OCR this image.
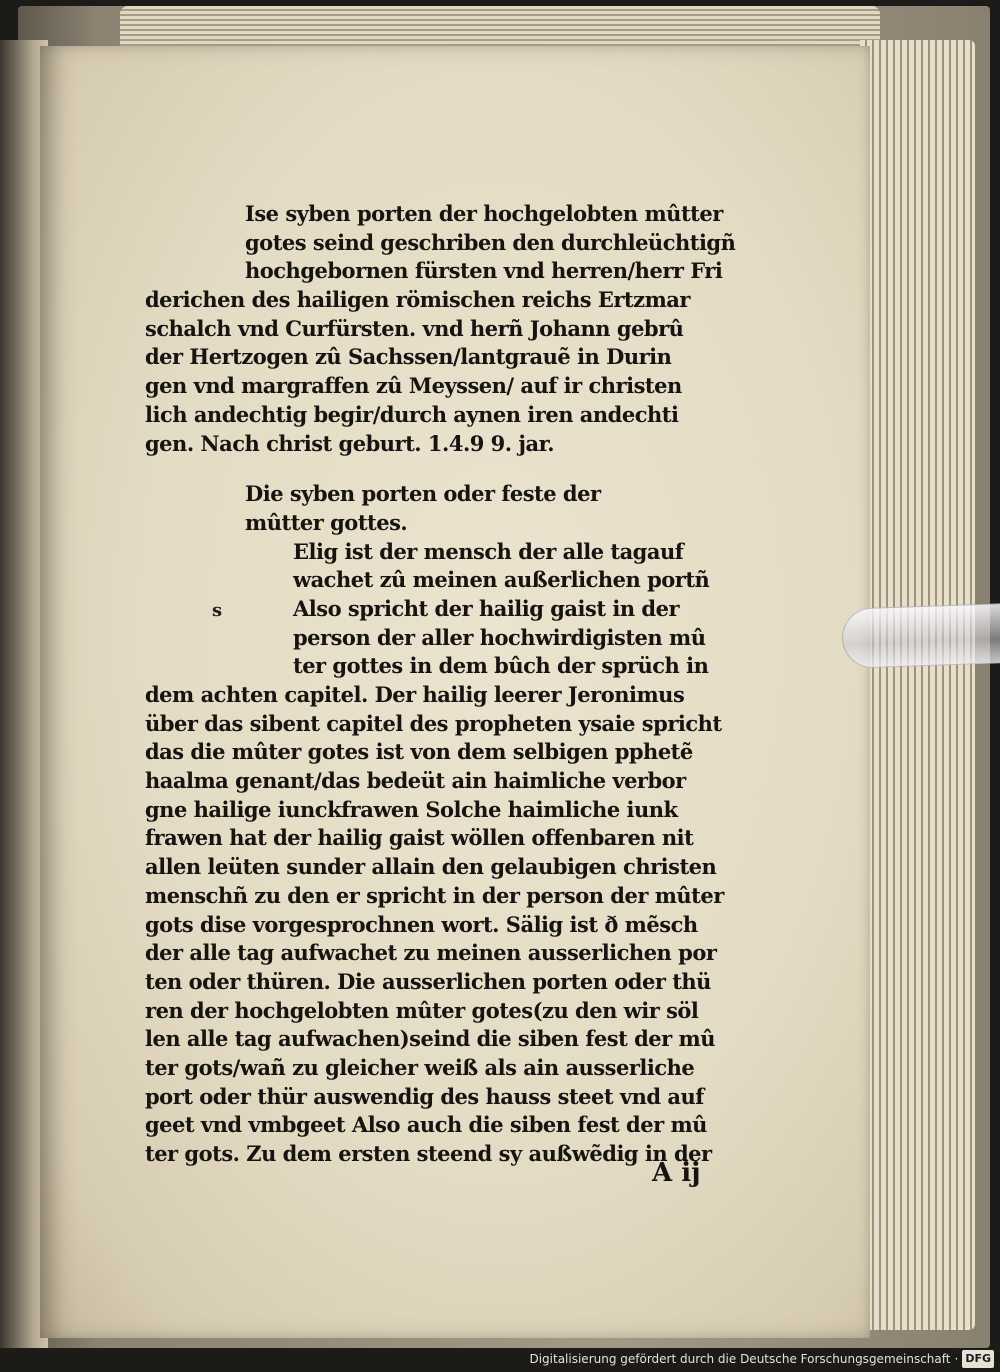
Ise syben porten der hochgelobten mûtter
gotes seind geschriben den durchleüchtigñ
hochgebornen fürsten vnd herren/herr Fri
derichen des hailigen römischen reichs Ertzmar
schalch vnd Curfürsten. vnd herñ Johann gebrû
der Hertzogen zû Sachssen/lantgrauẽ in Durin
gen vnd margraffen zû Meyssen/ auf ir christen
lich andechtig begir/durch aynen iren andechti
gen. Nach christ geburt. 1.4.9 9. jar.
Die syben porten oder feste der
mûtter gottes.
Elig ist der mensch der alle tagauf
wachet zû meinen außerlichen portñ
Also spricht der hailig gaist in der
person der aller hochwirdigisten mû
ter gottes in dem bûch der sprüch in
dem achten capitel. Der hailig leerer Jeronimus
über das sibent capitel des propheten ysaie spricht
das die mûter gotes ist von dem selbigen pphetẽ
haalma genant/das bedeüt ain haimliche verbor
gne hailige iunckfrawen Solche haimliche iunk
frawen hat der hailig gaist wöllen offenbaren nit
allen leüten sunder allain den gelaubigen christen
menschñ zu den er spricht in der person der mûter
gots dise vorgesprochnen wort. Sälig ist ð mẽsch
der alle tag aufwachet zu meinen ausserlichen por
ten oder thüren. Die ausserlichen porten oder thü
ren der hochgelobten mûter gotes(zu den wir söl
len alle tag aufwachen)seind die siben fest der mû
ter gots/wañ zu gleicher weiß als ain ausserliche
port oder thür auswendig des hauss steet vnd auf
geet vnd vmbgeet Also auch die siben fest der mû
ter gots. Zu dem ersten steend sy außwẽdig in der
s
A ij
Digitalisierung gefördert durch die Deutsche Forschungsgemeinschaft · DFG
